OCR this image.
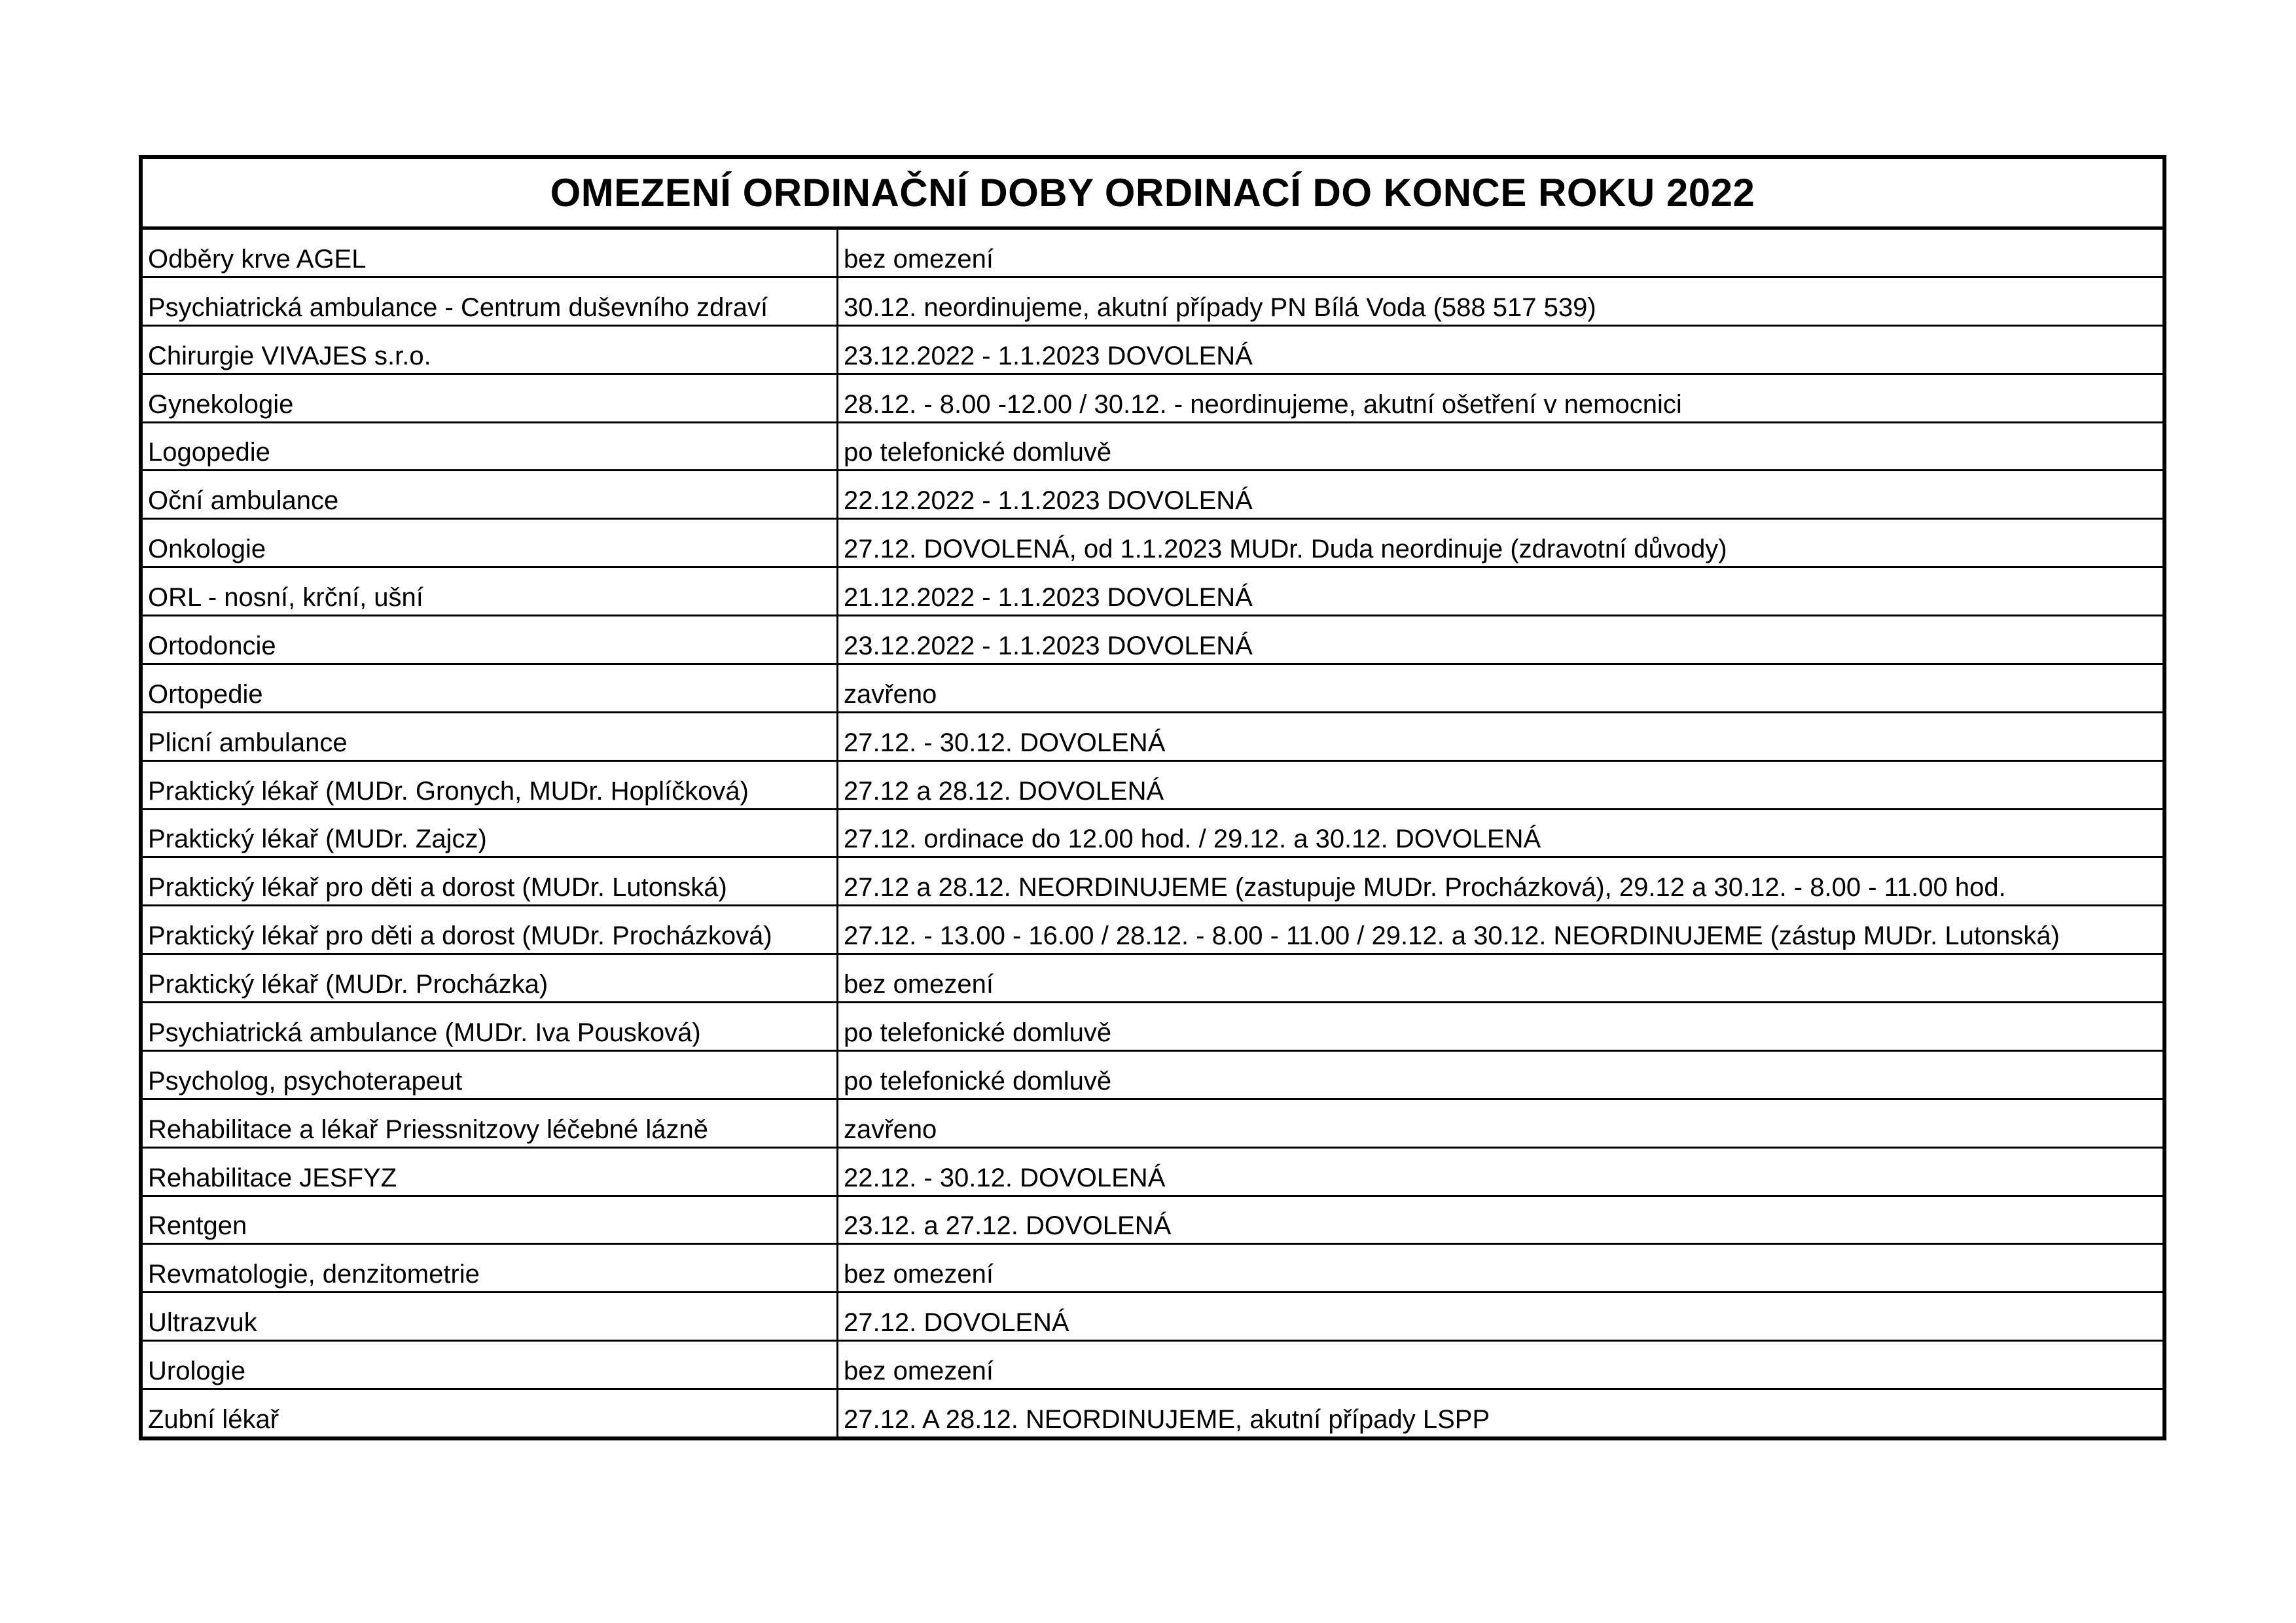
OMEZENÍ ORDINAČNÍ DOBY ORDINACÍ DO KONCE ROKU 2022
Odběry krve AGEL	bez omezení
Psychiatrická ambulance - Centrum duševního zdraví	30.12. neordinujeme, akutní případy PN Bílá Voda (588 517 539)
Chirurgie VIVAJES s.r.o.	23.12.2022 - 1.1.2023 DOVOLENÁ
Gynekologie	28.12. - 8.00 -12.00 / 30.12. - neordinujeme, akutní ošetření v nemocnici
Logopedie	po telefonické domluvě
Oční ambulance	22.12.2022 - 1.1.2023 DOVOLENÁ
Onkologie	27.12. DOVOLENÁ, od 1.1.2023 MUDr. Duda neordinuje (zdravotní důvody)
ORL - nosní, krční, ušní	21.12.2022 - 1.1.2023 DOVOLENÁ
Ortodoncie	23.12.2022 - 1.1.2023 DOVOLENÁ
Ortopedie	zavřeno
Plicní ambulance	27.12. - 30.12. DOVOLENÁ
Praktický lékař (MUDr. Gronych, MUDr. Hoplíčková)	27.12 a 28.12. DOVOLENÁ
Praktický lékař (MUDr. Zajcz)	27.12. ordinace do 12.00 hod. / 29.12. a 30.12. DOVOLENÁ
Praktický lékař pro děti a dorost (MUDr. Lutonská)	27.12 a 28.12. NEORDINUJEME (zastupuje MUDr. Procházková), 29.12 a 30.12. - 8.00 - 11.00 hod.
Praktický lékař pro děti a dorost (MUDr. Procházková)	27.12. - 13.00 - 16.00 / 28.12. - 8.00 - 11.00 / 29.12. a 30.12. NEORDINUJEME (zástup MUDr. Lutonská)
Praktický lékař (MUDr. Procházka)	bez omezení
Psychiatrická ambulance (MUDr. Iva Pousková)	po telefonické domluvě
Psycholog, psychoterapeut	po telefonické domluvě
Rehabilitace a lékař Priessnitzovy léčebné lázně	zavřeno
Rehabilitace JESFYZ	22.12. - 30.12. DOVOLENÁ
Rentgen	23.12. a 27.12. DOVOLENÁ
Revmatologie, denzitometrie	bez omezení
Ultrazvuk	27.12. DOVOLENÁ
Urologie	bez omezení
Zubní lékař	27.12. A 28.12. NEORDINUJEME, akutní případy LSPP
